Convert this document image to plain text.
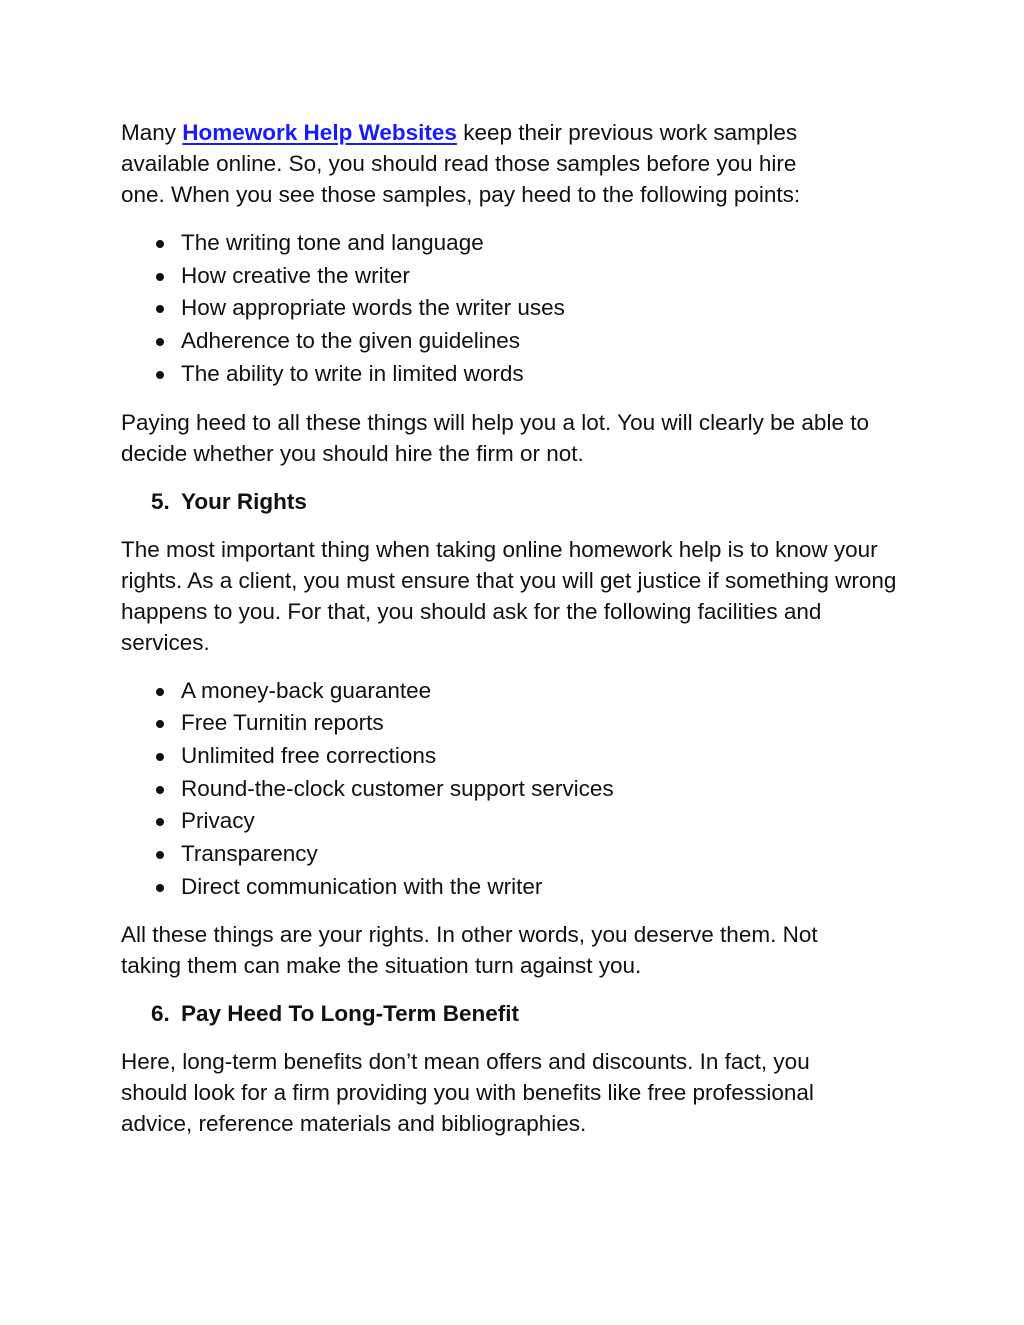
Many Homework Help Websites keep their previous work samples available online. So, you should read those samples before you hire one. When you see those samples, pay heed to the following points:

The writing tone and language
How creative the writer
How appropriate words the writer uses
Adherence to the given guidelines
The ability to write in limited words

Paying heed to all these things will help you a lot. You will clearly be able to decide whether you should hire the firm or not.

5. Your Rights

The most important thing when taking online homework help is to know your rights. As a client, you must ensure that you will get justice if something wrong happens to you. For that, you should ask for the following facilities and services.

A money-back guarantee
Free Turnitin reports
Unlimited free corrections
Round-the-clock customer support services
Privacy
Transparency
Direct communication with the writer

All these things are your rights. In other words, you deserve them. Not taking them can make the situation turn against you.

6. Pay Heed To Long-Term Benefit

Here, long-term benefits don’t mean offers and discounts. In fact, you should look for a firm providing you with benefits like free professional advice, reference materials and bibliographies.
